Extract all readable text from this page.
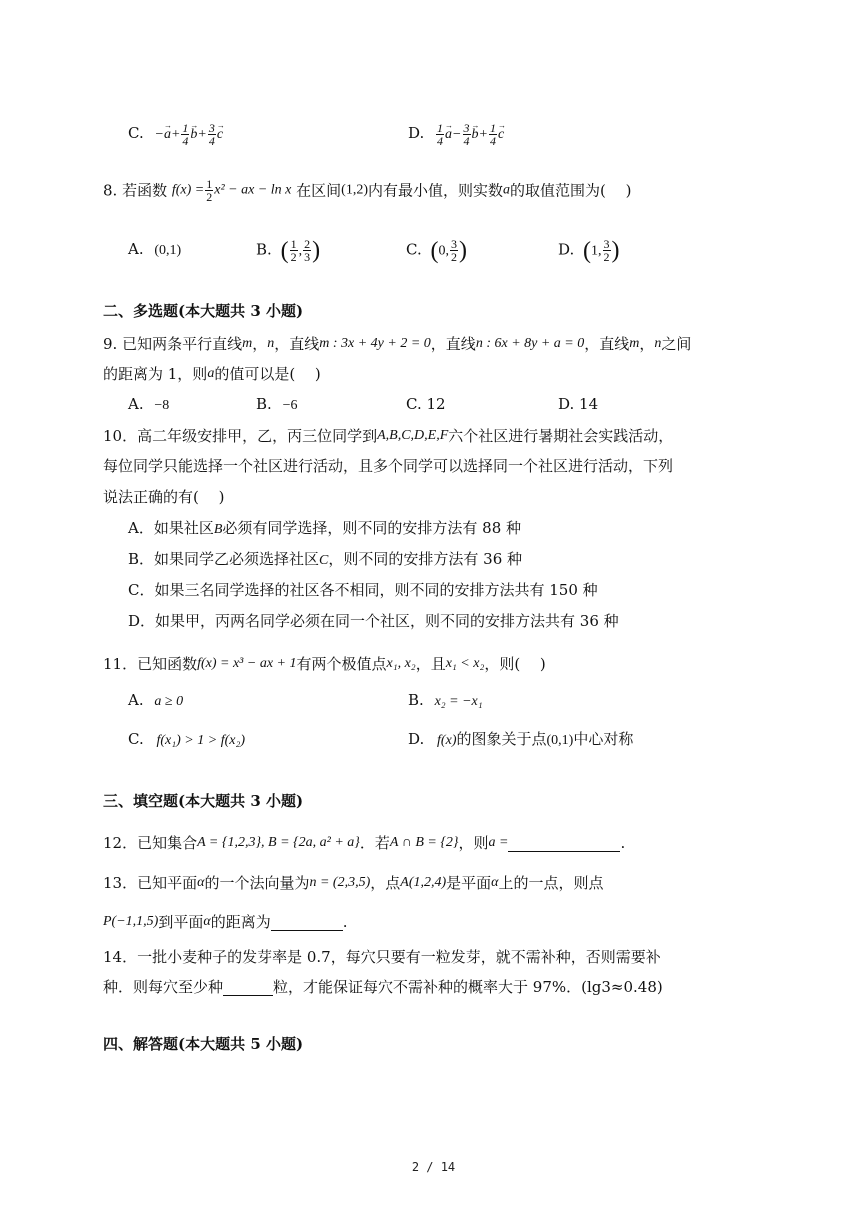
C. −→ $a+ \frac{1}{4}$
→ $b+ \frac{3}{4}$
→ c	D. $\frac{1}{4}$
→ $a- \frac{3}{4}$
→ $b+ \frac{1}{4}$
→ c
8. 若函数 $f(x) = \frac{1}{2} x^2$ − ax − ln x 在区间(1,2)内有最小值，则实数a的取值范围为(　 )
A. (0,1)	B. ( $\frac{1}{2}$ , $\frac{2}{3}$ )	C. (0, $\frac{3}{2}$ )	D. (1, $\frac{3}{2}$ )
二、多选题(本大题共 3 小题)
9. 已知两条平行直线m，n，直线m : 3x + 4y + 2 = 0，直线n : 6x + 8y + a = 0，直线m，n之间
的距离为 1，则a的值可以是(　 )
A. −8	B. −6	C. 12	D. 14
10．高二年级安排甲，乙，丙三位同学到A,B,C,D,E,F六个社区进行暑期社会实践活动，
每位同学只能选择一个社区进行活动，且多个同学可以选择同一个社区进行活动，下列
说法正确的有(　 )
A．如果社区B必须有同学选择，则不同的安排方法有 88 种
B．如果同学乙必须选择社区C，则不同的安排方法有 36 种
C．如果三名同学选择的社区各不相同，则不同的安排方法共有 150 种
D．如果甲，丙两名同学必须在同一个社区，则不同的安排方法共有 36 种
11．已知函数f(x) = x³ − ax + 1有两个极值点x₁, x₂，且x₁ < x₂，则(　 )
A. a ≥ 0	B. x₂ = −x₁
C. f(x₁) > 1 > f(x₂)	D. f(x)的图象关于点(0,1)中心对称
三、填空题(本大题共 3 小题)
12．已知集合A = {1,2,3}, B = {2a, a² + a}．若A ∩ B = {2}，则a =	.
13．已知平面α的一个法向量为n = (2,3,5)，点A(1,2,4)是平面α上的一点，则点
P(−1,1,5)到平面α的距离为	.
14．一批小麦种子的发芽率是 0.7，每穴只要有一粒发芽，就不需补种，否则需要补
种．则每穴至少种	粒，才能保证每穴不需补种的概率大于 97%．(lg3≈0.48)
四、解答题(本大题共 5 小题)
2 / 14
